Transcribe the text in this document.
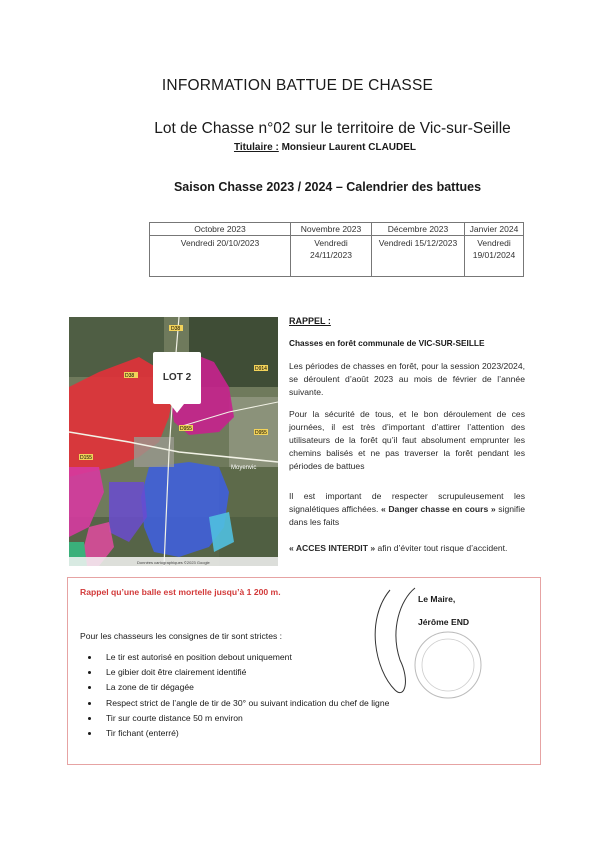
INFORMATION BATTUE DE CHASSE
Lot de Chasse n°02 sur le territoire de Vic-sur-Seille
Titulaire : Monsieur Laurent CLAUDEL
Saison Chasse 2023 / 2024 – Calendrier des battues
Octobre 2023	Novembre 2023	Décembre 2023	Janvier 2024
Vendredi 20/10/2023	Vendredi 24/11/2023	Vendredi 15/12/2023	Vendredi 19/01/2024
D38
D955
D955
D914
D155
D38
Moyenvic
LOT 2
Données cartographiques ©2023 Google
RAPPEL :
Chasses en forêt communale de VIC-SUR-SEILLE
Les périodes de chasses en forêt, pour la session 2023/2024, se déroulent d’août 2023 au mois de février de l’année suivante.
Pour la sécurité de tous, et le bon déroulement de ces journées, il est très d’important d’attirer l’attention des utilisateurs de la forêt qu’il faut absolument emprunter les chemins balisés et ne pas traverser la forêt pendant les périodes de battues
Il est important de respecter scrupuleusement les signalétiques affichées. « Danger chasse en cours » signifie dans les faits
« ACCES INTERDIT » afin d’éviter tout risque d’accident.
Rappel qu’une balle est mortelle jusqu’à 1 200 m.
Pour les chasseurs les consignes de tir sont strictes :
• Le tir est autorisé en position debout uniquement
• Le gibier doit être clairement identifié
• La zone de tir dégagée
• Respect strict de l’angle de tir de 30° ou suivant indication du chef de ligne
• Tir sur courte distance 50 m environ
• Tir fichant (enterré)
Le Maire,
Jérôme END
